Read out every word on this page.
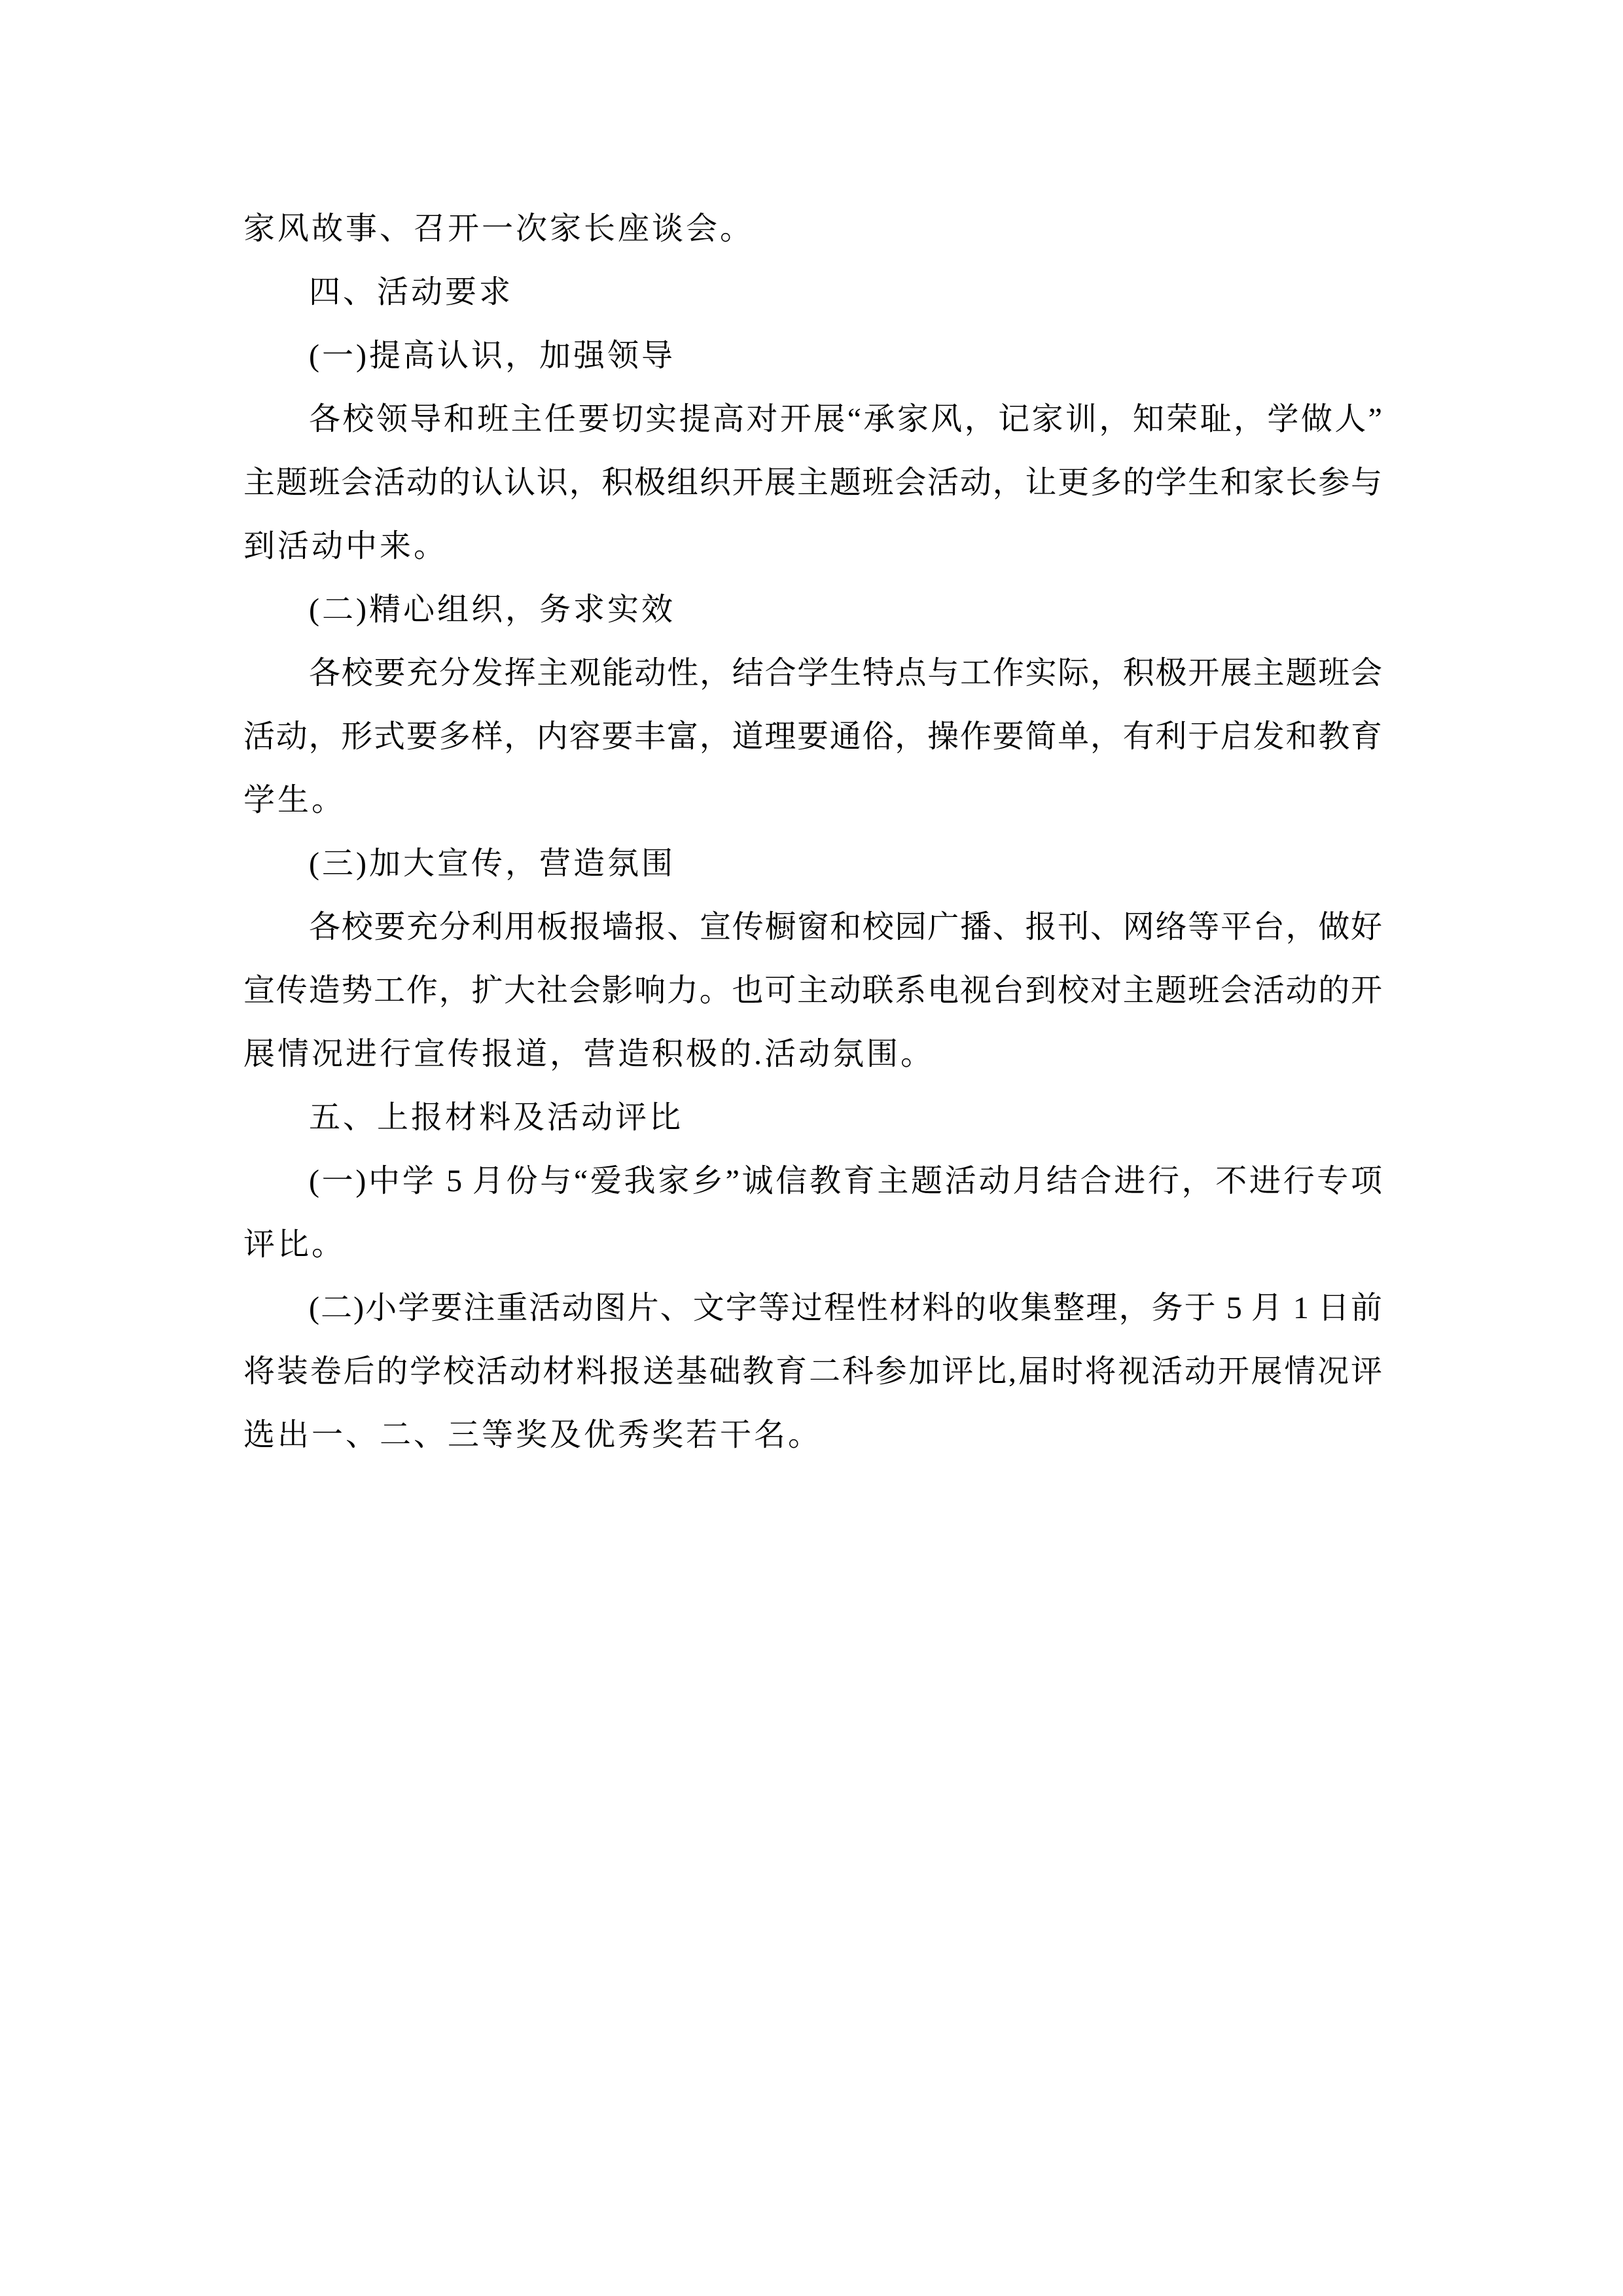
家风故事、召开一次家长座谈会。
四、活动要求
(一)提高认识，加强领导
各校领导和班主任要切实提高对开展“承家风，记家训，知荣耻，学做人”
主题班会活动的认认识，积极组织开展主题班会活动，让更多的学生和家长参与
到活动中来。
(二)精心组织，务求实效
各校要充分发挥主观能动性，结合学生特点与工作实际，积极开展主题班会
活动，形式要多样，内容要丰富，道理要通俗，操作要简单，有利于启发和教育
学生。
(三)加大宣传，营造氛围
各校要充分利用板报墙报、宣传橱窗和校园广播、报刊、网络等平台，做好
宣传造势工作，扩大社会影响力。也可主动联系电视台到校对主题班会活动的开
展情况进行宣传报道，营造积极的.活动氛围。
五、上报材料及活动评比
(一)中学 5 月份与“爱我家乡”诚信教育主题活动月结合进行，不进行专项
评比。
(二)小学要注重活动图片、文字等过程性材料的收集整理，务于 5 月 1 日前
将装卷后的学校活动材料报送基础教育二科参加评比,届时将视活动开展情况评
选出一、二、三等奖及优秀奖若干名。
